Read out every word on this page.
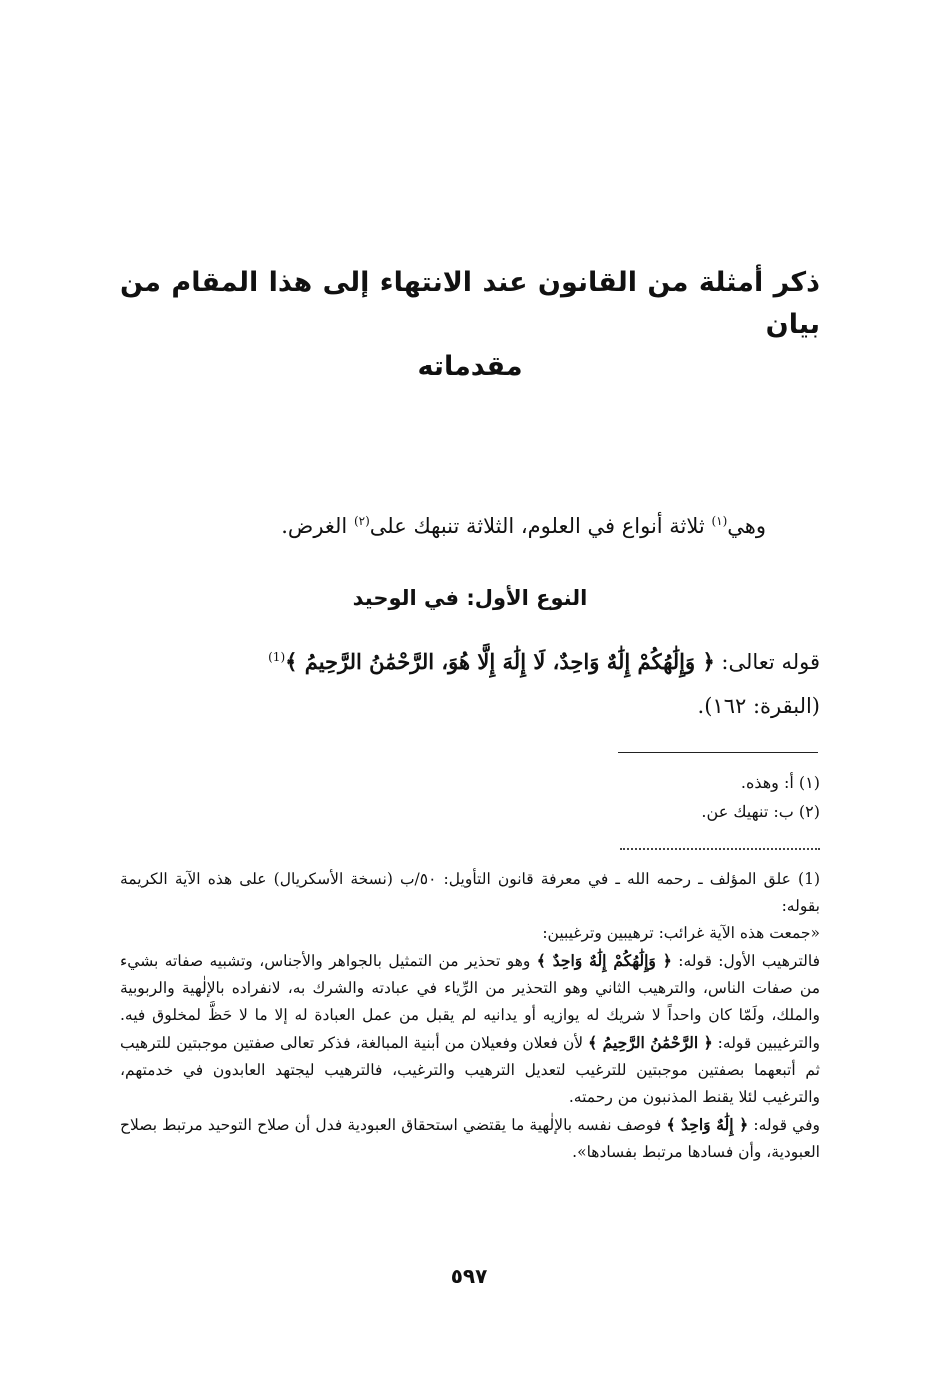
ذكر أمثلة من القانون عند الانتهاء إلى هذا المقام من بيان
مقدماته
وهي$^{(١)}$ ثلاثة أنواع في العلوم، الثلاثة تنبهك على$^{(٢)}$ الغرض.
النوع الأول: في الوحيد
قوله تعالى: ﴿ وَإِلَٰهُكُمْ إِلَٰهٌ وَاحِدٌ، لَا إِلَٰهَ إِلَّا هُوَ، الرَّحْمَٰنُ الرَّحِيمُ ﴾$^{(1)}$
(البقرة: ١٦٢).
(١) أ: وهذه.
(٢) ب: تنهيك عن.

(1) علق المؤلف ـ رحمه الله ـ في معرفة قانون التأويل: ٥٠/ب (نسخة الأسكريال) على هذه الآية الكريمة بقوله:

«جمعت هذه الآية غرائب: ترهيبين وترغيبين:

فالترهيب الأول: قوله: ﴿ وَإِلَٰهُكُمْ إِلَٰهٌ وَاحِدٌ ﴾ وهو تحذير من التمثيل بالجواهر والأجناس، وتشبيه صفاته بشيء من صفات الناس، والترهيب الثاني وهو التحذير من الرِّياء في عبادته والشرك به، لانفراده بالإلٰهية والربوبية والملك، ولَمّا كان واحداً لا شريك له يوازيه أو يدانيه لم يقبل من عمل العبادة له إلا ما لا حَظَّ لمخلوق فيه. والترغيبين قوله: ﴿ الرَّحْمَٰنُ الرَّحِيمُ ﴾ لأن فعلان وفعيلان من أبنية المبالغة، فذكر تعالى صفتين موجبتين للترهيب ثم أتبعهما بصفتين موجبتين للترغيب لتعديل الترهيب والترغيب، فالترهيب ليجتهد العابدون في خدمتهم، والترغيب لئلا يقنط المذنبون من رحمته.

وفي قوله: ﴿ إِلَٰهٌ وَاحِدٌ ﴾ فوصف نفسه بالإلٰهية ما يقتضي استحقاق العبودية فدل أن صلاح التوحيد مرتبط بصلاح العبودية، وأن فسادها مرتبط بفسادها».

٥٩٧
